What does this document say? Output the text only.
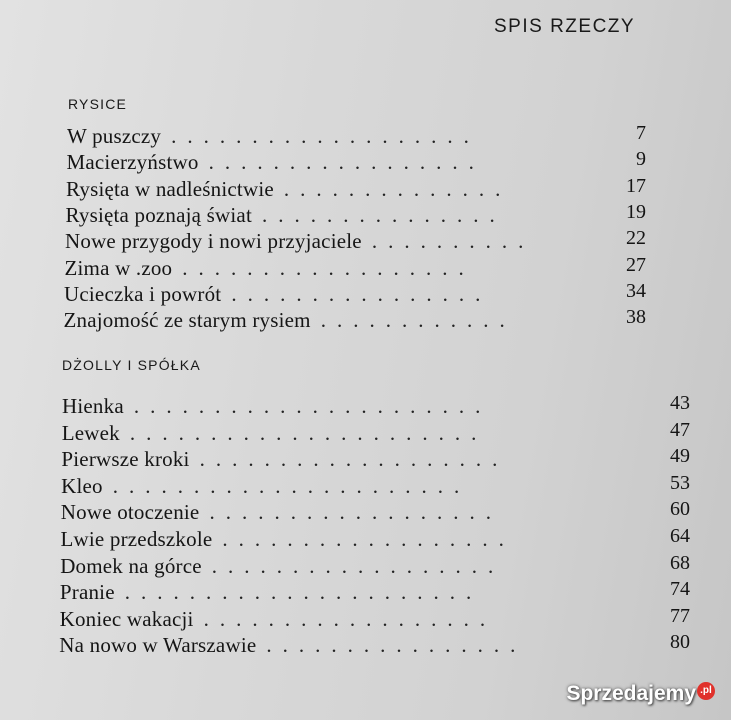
SPIS RZECZY
RYSICE
DŻOLLY I SPÓŁKA
W puszczy ...................	7
Macierzyństwo .................	9
Rysięta w nadleśnictwie ..............	17
Rysięta poznają świat ...............	19
Nowe przygody i nowi przyjaciele ..........	22
Zima w .zoo ..................	27
Ucieczka i powrót ................	34
Znajomość ze starym rysiem ............	38
Hienka ......................	43
Lewek ......................	47
Pierwsze kroki ...................	49
Kleo ......................	53
Nowe otoczenie ..................	60
Lwie przedszkole ..................	64
Domek na górce ..................	68
Pranie ......................	74
Koniec wakacji ..................	77
Na nowo w Warszawie ................	80
Sprzedajemy .pl
